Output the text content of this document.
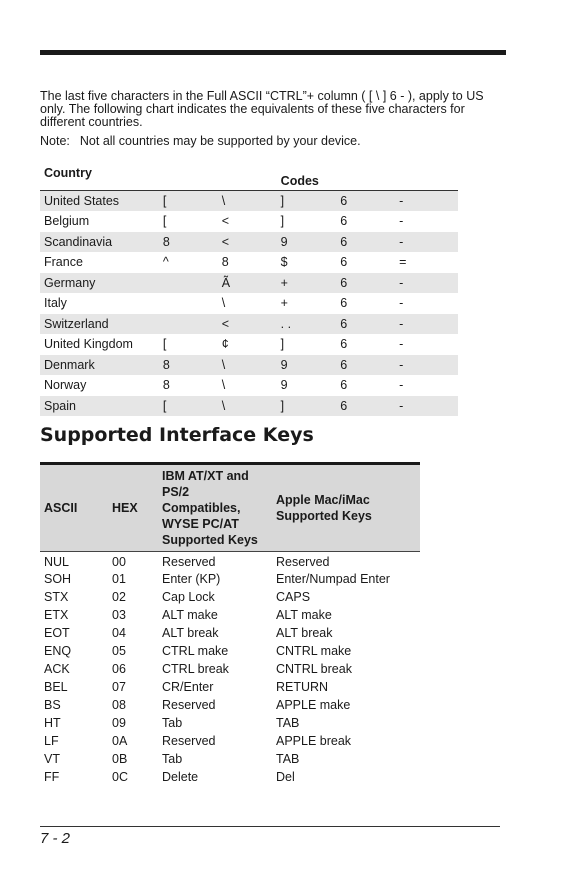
The last five characters in the Full ASCII “CTRL”+ column ( [ \ ] 6 - ), apply to US only. The following chart indicates the equivalents of these five characters for different countries.

Note: Not all countries may be supported by your device.
Country			Codes		
United States	[	\	]	6	-
Belgium	[	<	]	6	-
Scandinavia	8	<	9	6	-
France	^	8	$	6	=
Germany		Ã	+	6	-
Italy		\	+	6	-
Switzerland		<	. .	6	-
United Kingdom	[	¢	]	6	-
Denmark	8	\	9	6	-
Norway	8	\	9	6	-
Spain	[	\	]	6	-
Supported Interface Keys
ASCII	HEX	IBM AT/XT and
PS/2
Compatibles,
WYSE PC/AT
Supported Keys	Apple Mac/iMac
Supported Keys
NUL	00	Reserved	Reserved
SOH	01	Enter (KP)	Enter/Numpad Enter
STX	02	Cap Lock	CAPS
ETX	03	ALT make	ALT make
EOT	04	ALT break	ALT break
ENQ	05	CTRL make	CNTRL make
ACK	06	CTRL break	CNTRL break
BEL	07	CR/Enter	RETURN
BS	08	Reserved	APPLE make
HT	09	Tab	TAB
LF	0A	Reserved	APPLE break
VT	0B	Tab	TAB
FF	0C	Delete	Del
7 - 2
